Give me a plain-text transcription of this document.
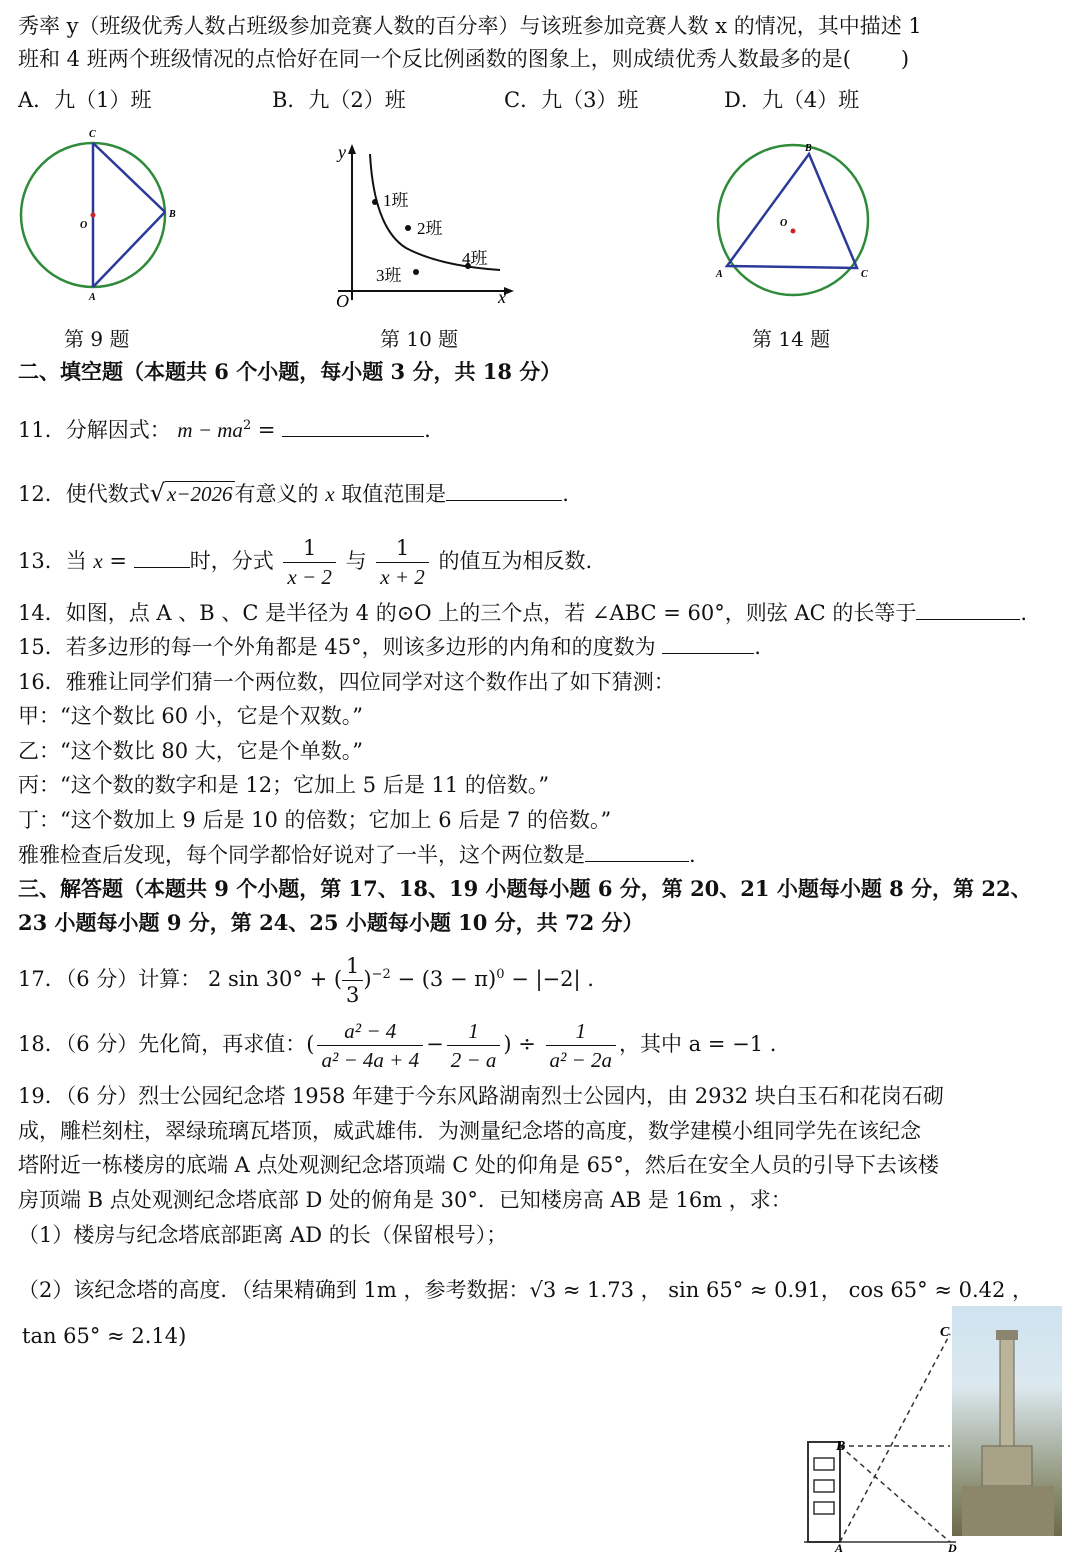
秀率 y（班级优秀人数占班级参加竞赛人数的百分率）与该班参加竞赛人数 x 的情况，其中描述 1
班和 4 班两个班级情况的点恰好在同一个反比例函数的图象上，则成绩优秀人数最多的是( )
A．九（1）班	B．九（2）班	C．九（3）班	D．九（4）班
C
B
O
A
第 9 题
y
x
O
1班
2班
3班
4班
第 10 题
B
O
A	C
第 14 题
二、填空题（本题共 6 个小题，每小题 3 分，共 18 分）
11．分解因式： $m - ma^2$ =	.
12．使代数式√x−2026有意义的 x 取值范围是	.
13．当 x =	时，分式 $\frac{1}{x - 2}$ 与 $\frac{1}{x + 2}$ 的值互为相反数.
14．如图，点 A 、B 、C 是半径为 4 的⊙O 上的三个点，若 ∠ABC = 60°，则弦 AC 的长等于	.
15．若多边形的每一个外角都是 45°，则该多边形的内角和的度数为	.
16．雅雅让同学们猜一个两位数，四位同学对这个数作出了如下猜测：
甲：“这个数比 60 小，它是个双数。”
乙：“这个数比 80 大，它是个单数。”
丙：“这个数的数字和是 12；它加上 5 后是 11 的倍数。”
丁：“这个数加上 9 后是 10 的倍数；它加上 6 后是 7 的倍数。”
雅雅检查后发现，每个同学都恰好说对了一半，这个两位数是	.
三、解答题（本题共 9 个小题，第 17、18、19 小题每小题 6 分，第 20、21 小题每小题 8 分，第 22、
23 小题每小题 9 分，第 24、25 小题每小题 10 分，共 72 分）
17．（6 分）计算： 2 sin 30° + ( $\frac{1}{3} )^{-2} - (3 - \pi)^0 - |-2|$ .
18．（6 分）先化简，再求值：( $\frac{\text{a² − 4}}{\text{a² − 4a + 4}} - \frac{1}{2 - a}$ ) ÷ $\frac{1}{\text{a² − 2a}}$ ，其中 a = −1 .
19．（6 分）烈士公园纪念塔 1958 年建于今东风路湖南烈士公园内，由 2932 块白玉石和花岗石砌
成，雕栏刻柱，翠绿琉璃瓦塔顶，威武雄伟．为测量纪念塔的高度，数学建模小组同学先在该纪念
塔附近一栋楼房的底端 A 点处观测纪念塔顶端 C 处的仰角是 65°，然后在安全人员的引导下去该楼
房顶端 B 点处观测纪念塔底部 D 处的俯角是 30°．已知楼房高 AB 是 16m ，求：
（1）楼房与纪念塔底部距离 AD 的长（保留根号）；
（2）该纪念塔的高度．（结果精确到 1m ，参考数据：√3 ≈ 1.73 ， sin 65° ≈ 0.91， cos 65° ≈ 0.42 ，
tan 65° ≈ 2.14)	C
B
A	D
